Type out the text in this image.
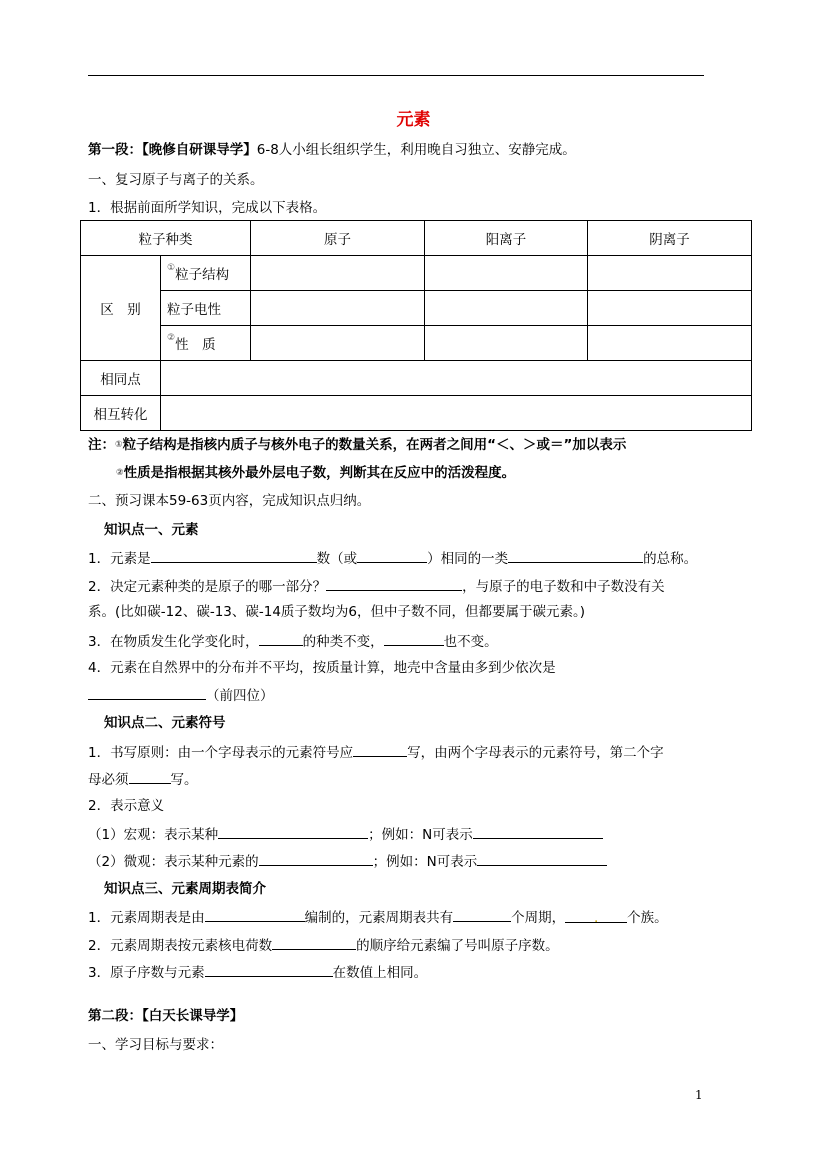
元素
第一段：【晚修自研课导学】6-8人小组长组织学生，利用晚自习独立、安静完成。
一、复习原子与离子的关系。
1．根据前面所学知识，完成以下表格。
粒子种类		原子	阳离子	阴离子
区　别	①粒子结构			
	粒子电性			
	②性　质			
相同点				
相互转化				
注：①粒子结构是指核内质子与核外电子的数量关系，在两者之间用“＜、＞或＝”加以表示
②性质是指根据其核外最外层电子数，判断其在反应中的活泼程度。
二、预习课本59-63页内容，完成知识点归纳。
知识点一、元素
1．元素是	数（或	）相同的一类	的总称。
2．决定元素种类的是原子的哪一部分？	，与原子的电子数和中子数没有关
系。(比如碳-12、碳-13、碳-14质子数均为6，但中子数不同，但都要属于碳元素。)
3．在物质发生化学变化时，	的种类不变，	也不变。
4．元素在自然界中的分布并不平均，按质量计算，地壳中含量由多到少依次是
（前四位）
知识点二、元素符号
1．书写原则：由一个字母表示的元素符号应	写，由两个字母表示的元素符号，第二个字
母必须	写。
2．表示意义
（1）宏观：表示某种	；例如：N可表示
（2）微观：表示某种元素的	；例如：N可表示
知识点三、元素周期表简介
1．元素周期表是由	编制的，元素周期表共有	个周期， . 个族。
2．元素周期表按元素核电荷数	的顺序给元素编了号叫原子序数。
3．原子序数与元素	在数值上相同。
第二段：【白天长课导学】
一、学习目标与要求：
1
